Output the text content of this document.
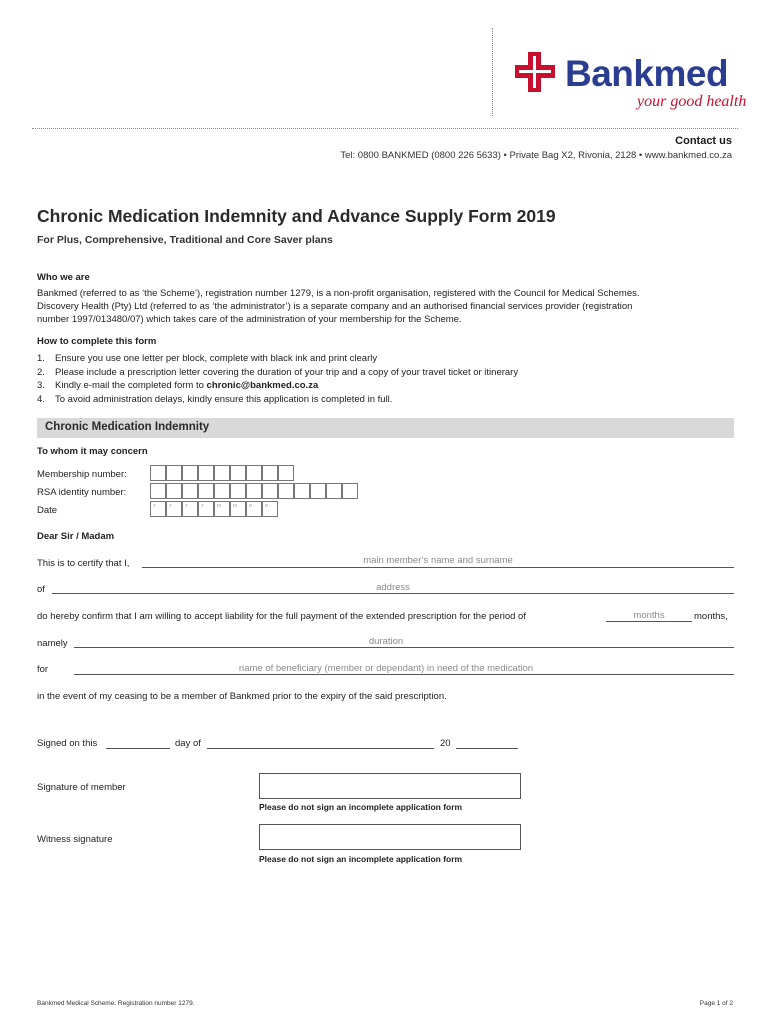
Bankmed
your good health
Contact us
Tel: 0800 BANKMED (0800 226 5633) • Private Bag X2, Rivonia, 2128 • www.bankmed.co.za
Chronic Medication Indemnity and Advance Supply Form 2019
For Plus, Comprehensive, Traditional and Core Saver plans
Who we are
Bankmed (referred to as ‘the Scheme’), registration number 1279, is a non-profit organisation, registered with the Council for Medical Schemes.
Discovery Health (Pty) Ltd (referred to as ‘the administrator’) is a separate company and an authorised financial services provider (registration
number 1997/013480/07) which takes care of the administration of your membership for the Scheme.
How to complete this form
1. Ensure you use one letter per block, complete with black ink and print clearly
2. Please include a prescription letter covering the duration of your trip and a copy of your travel ticket or itinerary
3. Kindly e-mail the completed form to chronic@bankmed.co.za
4. To avoid administration delays, kindly ensure this application is completed in full.
Chronic Medication Indemnity
To whom it may concern
Membership number:
RSA identity number:
Date	Y	Y	Y	Y	M	M	D	D
Dear Sir / Madam
This is to certify that I,	main member’s name and surname
of	address
do hereby confirm that I am willing to accept liability for the full payment of the extended prescription for the period of	months	months,
namely	duration
for	name of beneficiary (member or dependant) in need of the medication
in the event of my ceasing to be a member of Bankmed prior to the expiry of the said prescription.
Signed on this	day of	20
Signature of member
Please do not sign an incomplete application form
Witness signature
Please do not sign an incomplete application form
Bankmed Medical Scheme. Registration number 1279.	Page 1 of 2
